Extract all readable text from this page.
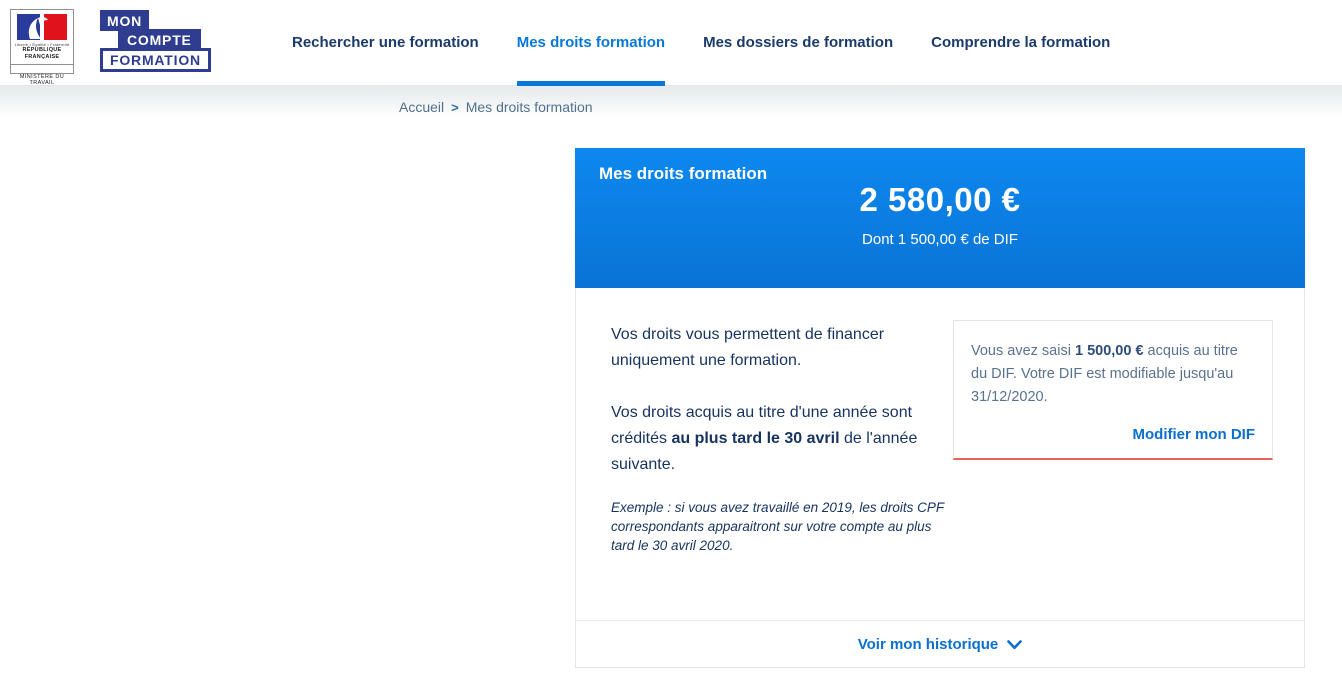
Liberté • Égalité • Fraternité
RÉPUBLIQUE FRANÇAISE
MINISTÈRE DU TRAVAIL
MON
COMPTE
FORMATION
Rechercher une formation	Mes droits formation	Mes dossiers de formation	Comprendre la formation
Accueil > Mes droits formation
Mes droits formation
2 580,00 €
Dont 1 500,00 € de DIF

Vos droits vous permettent de financer uniquement une formation.

Vos droits acquis au titre d'une année sont crédités au plus tard le 30 avril de l'année suivante.

Exemple : si vous avez travaillé en 2019, les droits CPF correspondants apparaitront sur votre compte au plus tard le 30 avril 2020.

Vous avez saisi 1 500,00 € acquis au titre du DIF. Votre DIF est modifiable jusqu'au 31/12/2020.
Modifier mon DIF
Voir mon historique
